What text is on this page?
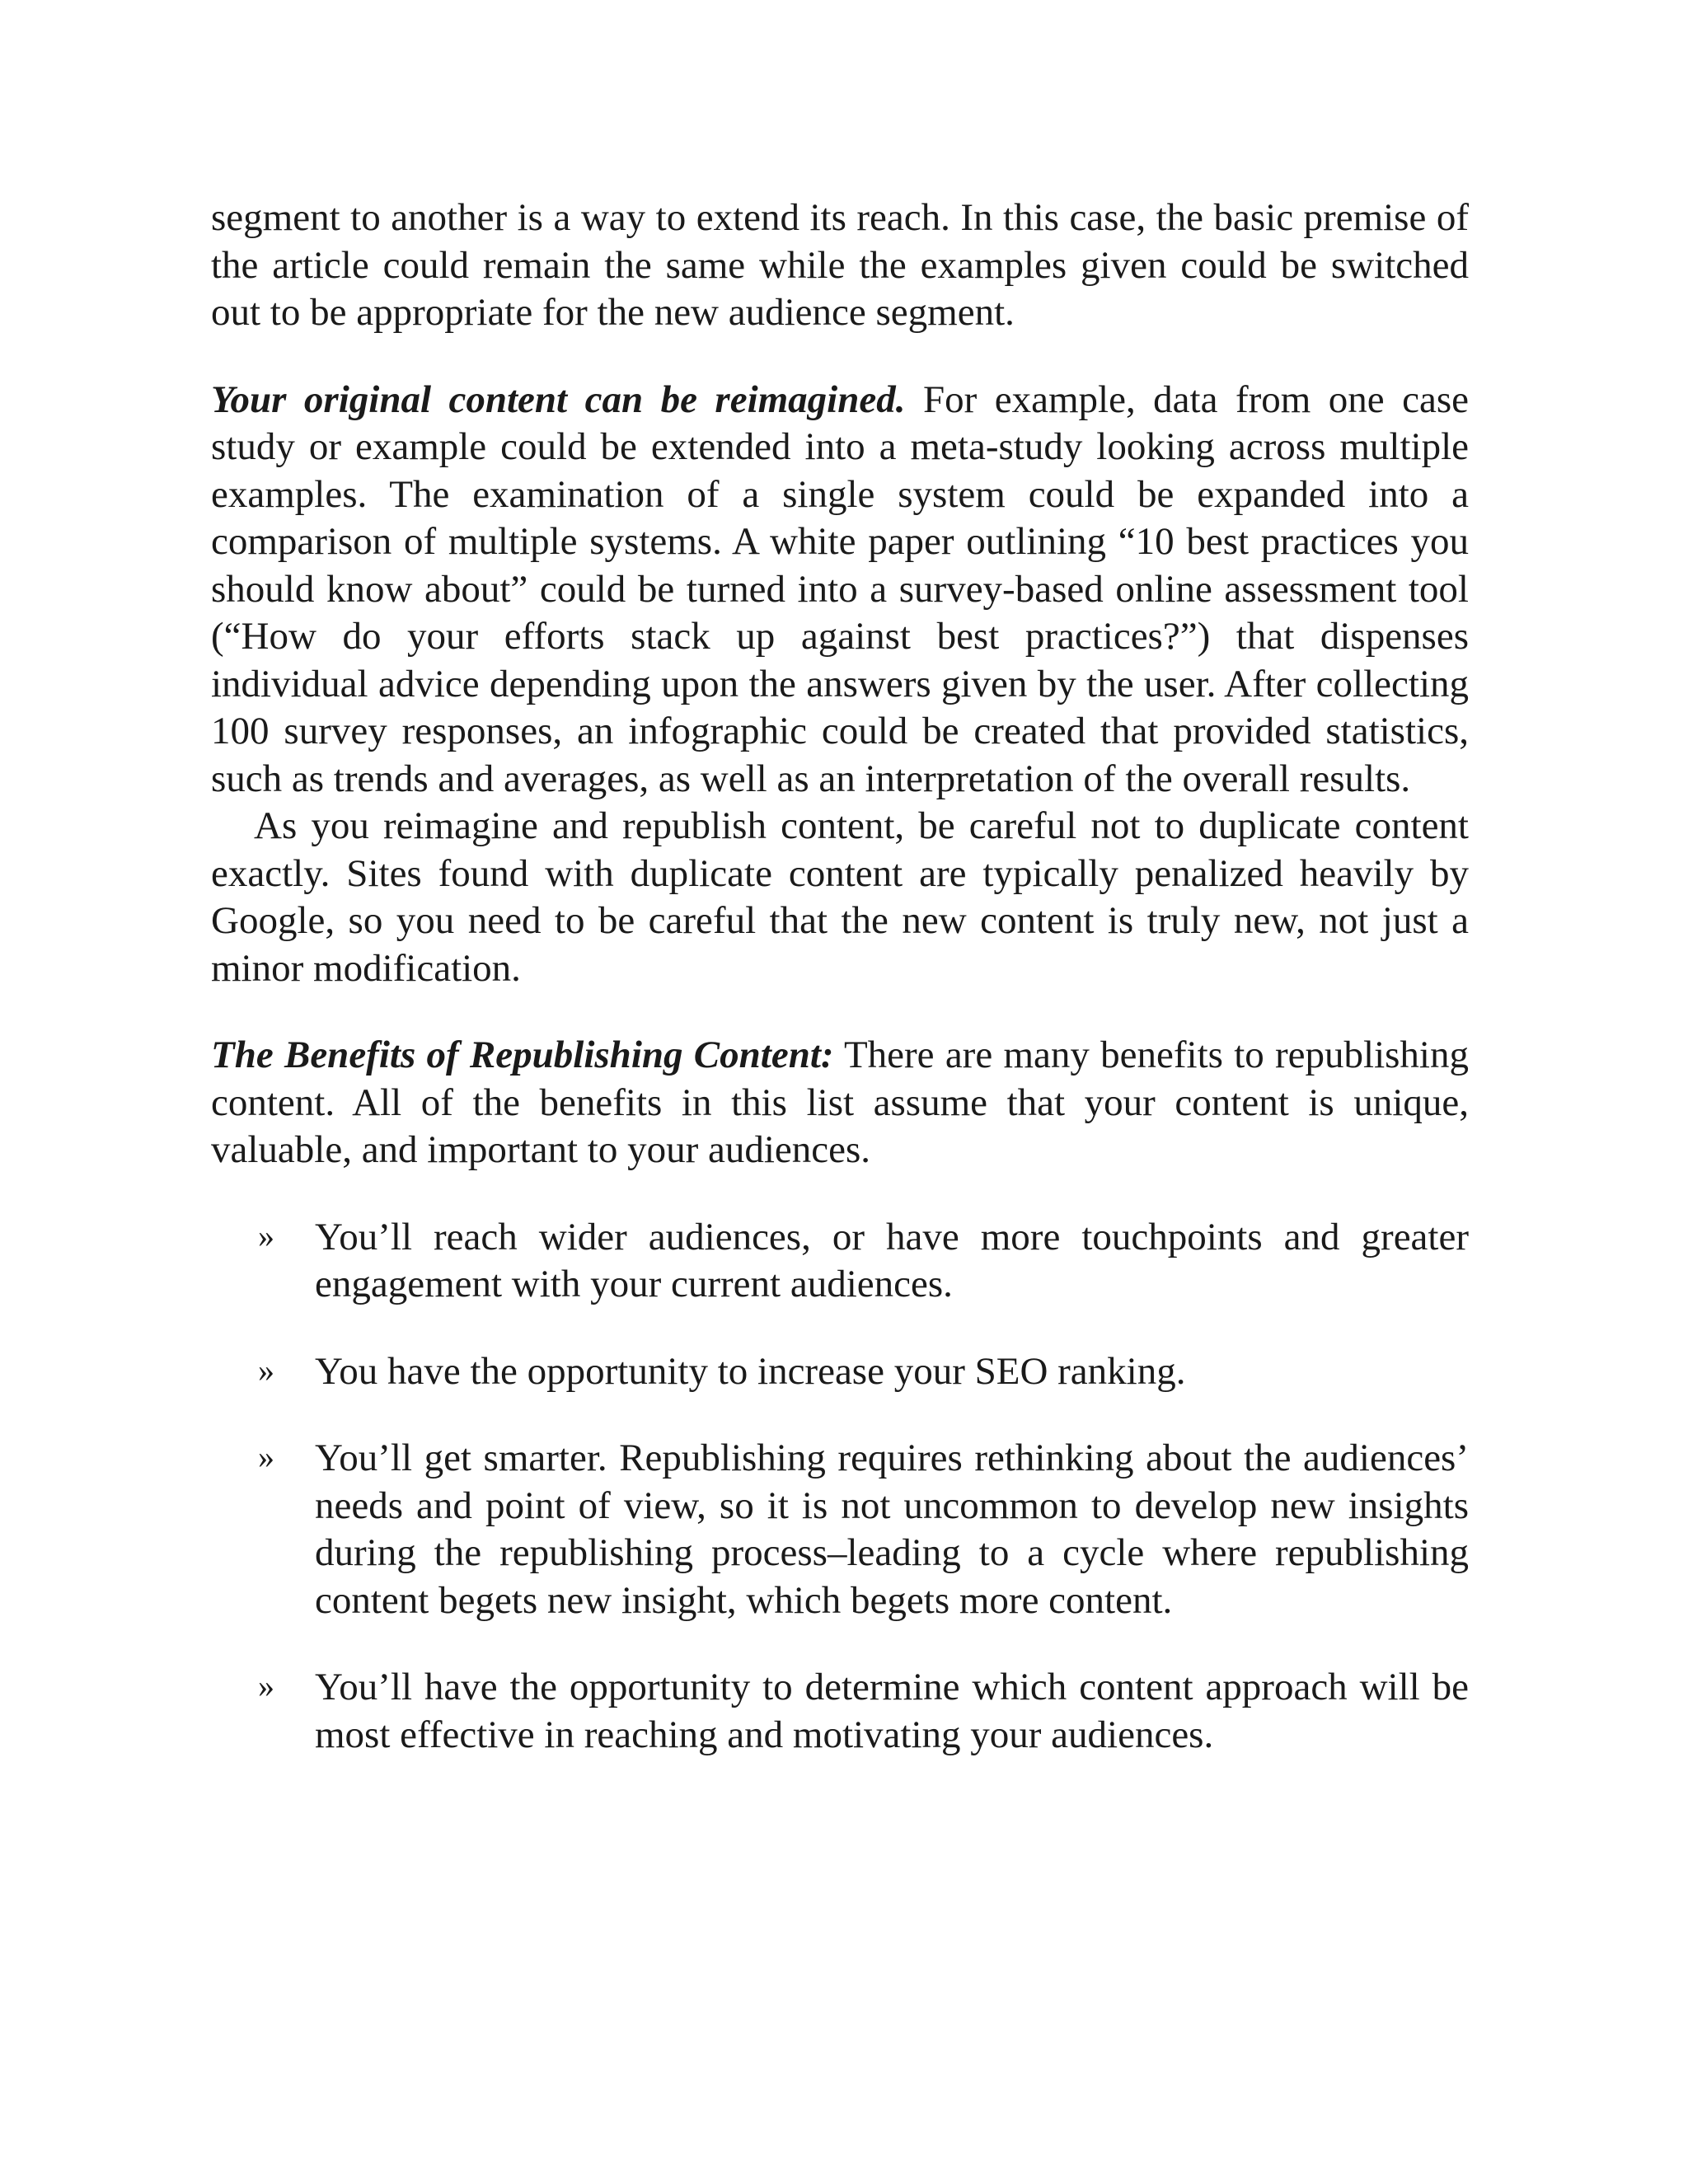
segment to another is a way to extend its reach. In this case, the basic premise of the article could remain the same while the examples given could be switched out to be appropriate for the new audience segment.

Your original content can be reimagined. For example, data from one case study or example could be extended into a meta-study looking across multiple examples. The examination of a single system could be expanded into a comparison of multiple systems. A white paper outlining “10 best practices you should know about” could be turned into a survey-based online assessment tool (“How do your efforts stack up against best practices?”) that dispenses individual advice depending upon the answers given by the user. After collecting 100 survey responses, an infographic could be created that provided statistics, such as trends and averages, as well as an interpretation of the overall results.

As you reimagine and republish content, be careful not to duplicate content exactly. Sites found with duplicate content are typically penalized heavily by Google, so you need to be careful that the new content is truly new, not just a minor modification.

The Benefits of Republishing Content: There are many benefits to republishing content. All of the benefits in this list assume that your content is unique, valuable, and important to your audiences.

» You’ll reach wider audiences, or have more touchpoints and greater engagement with your current audiences.
» You have the opportunity to increase your SEO ranking.
» You’ll get smarter. Republishing requires rethinking about the audiences’ needs and point of view, so it is not uncommon to develop new insights during the republishing process–leading to a cycle where republishing content begets new insight, which begets more content.
» You’ll have the opportunity to determine which content approach will be most effective in reaching and motivating your audiences.
